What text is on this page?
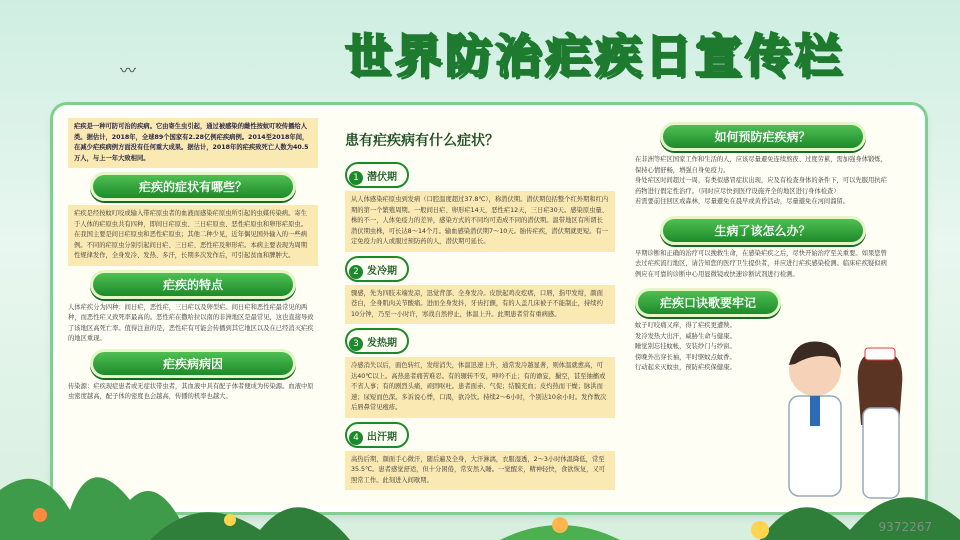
〰	世界防治疟疾日宣传栏

疟疾是一种可防可治的疾病。它由寄生虫引起，通过被感染的雌性按蚊叮咬传播给人类。据估计，2018年，全球89个国家有2.28亿例疟疾病例。2014至2018年间，在减少疟疾病例方面没有任何重大成果。据估计，2018年的疟疾致死亡人数为40.5万人，与上一年大致相同。

疟疾的症状有哪些？

疟疾是经按蚊叮咬或输入带疟原虫者的血液而感染疟原虫所引起的虫媒传染病。寄生于人体的疟原虫共有四种，即间日疟原虫、三日疟原虫、恶性疟原虫和卵形疟原虫。在我国主要是间日疟原虫和恶性疟原虫；其他二种少见，近年偶见国外输入的一些病例。不同的疟原虫分别引起间日疟、三日疟、恶性疟及卵形疟。本病主要表现为周期性规律发作，全身发冷、发热、多汗，长期多次发作后，可引起贫血和脾肿大。

疟疾的特点

人体疟疾分为四种：间日疟，恶性疟，三日疟以及卵型疟。间日疟和恶性疟最常见的两种，而恶性疟又致死率最高的。恶性疟在撒哈拉以南的非洲地区是最常见，这也直接导致了该地区高死亡率。值得注意的是，恶性疟有可能会传播到其它地区以及在已经消灭疟疾的地区重现。

疟疾病病因

传染源：疟疾现症患者或无症状带虫者，其血液中具有配子体者便成为传染源。血液中原虫密度越高，配子体的密度也会越高，传播的机率也越大。

患有疟疾病有什么症状？
1 潜伏期

从人体感染疟原虫到发病（口腔温度超过37.8℃），称潜伏期。潜伏期包括整个红外期和红内期的第一个繁殖周期。一般间日疟、卵形疟14天，恶性疟12天，三日疟30天。感染原虫量、株的不一，人体免疫力的差异，感染方式的不同均可造成不同的潜伏期。温带地区有所谓长潜伏期虫株，可长达8～14个月。输血感染潜伏期7～10天。胎传疟疾，潜伏期就更短。有一定免疫力的人或服过预防药的人，潜伏期可延长。

2 发冷期

骤感，先为四肢末端发凉，迅觉背部、全身发冷。皮肤起鸡皮疙瘩，口唇，指甲发绀，颜面苍白，全身肌肉关节酸痛。进而全身发抖，牙齿打颤，有的人盖几床被子不能制止，持续约10分钟，乃至一小时许，寒战自然停止，体温上升。此期患者常有重病感。

3 发热期

冷感消失以后，面色转红，发绀消失，体温迅速上升，通常发冷越显著，则体温就愈高，可达40℃以上。高热患者痛苦难忍。有的辗转不安，呻吟不止；有的谵妄，撮空，甚至抽搐或不省人事；有的剧烈头痛，顽固呕吐。患者面赤、气促；结膜充血；皮灼热而干燥；脉洪而速；尿短而色深。多诉说心悸，口渴，欲冷饮。持续2～6小时，个别达10余小时。发作数次后唇鼻常见疱疹。

4 出汗期

高热后期，颜面手心微汗，随后遍及全身，大汗淋漓，衣服湿透，2～3小时体温降低，常至35.5℃。患者感觉舒适，但十分困倦，常安然入睡。一觉醒来，精神轻快，食欲恢复，又可照常工作。此刻进入间歇期。

如何预防疟疾病？

在非洲等疟区国家工作和生活的人，应该尽量避免连续熬夜、过度劳累，需加强身体锻炼，保持心情舒畅，增强自身免疫力。

身处疟区时间超过一周，有类似感冒症状出现，应及有检查身体的条件下，可以先服用抗疟药物进行假定性治疗。（同时应尽快到医疗设施齐全的地区进行身体检查）

若需要前往回区或森林，尽量避免在晨早或黄昏活动，尽量避免在河间溜留。

生病了该怎么办？

早期诊断和正确的治疗可以挽救生命，在感染疟疾之后，尽快开始治疗至关重要。如果您曾去过疟疾流行地区，请告知您的医疗卫生提供者，并应进行疟疾感染检测。临床疟疾疑似病例应在可靠的诊断中心用显微镜或快速诊断试剂进行检测。

疟疾口诀歌要牢记

蚊子叮咬痛又痒，得了疟疾更遭殃。

发冷发热大出汗，威胁生命与健康。

睡觉别忘挂蚊帐，安装纱门与纱窗。

傍晚外出穿长袖，平时驱蚊点蚊香。

行动起来灭蚊虫，预防疟疾保健康。

9372267
